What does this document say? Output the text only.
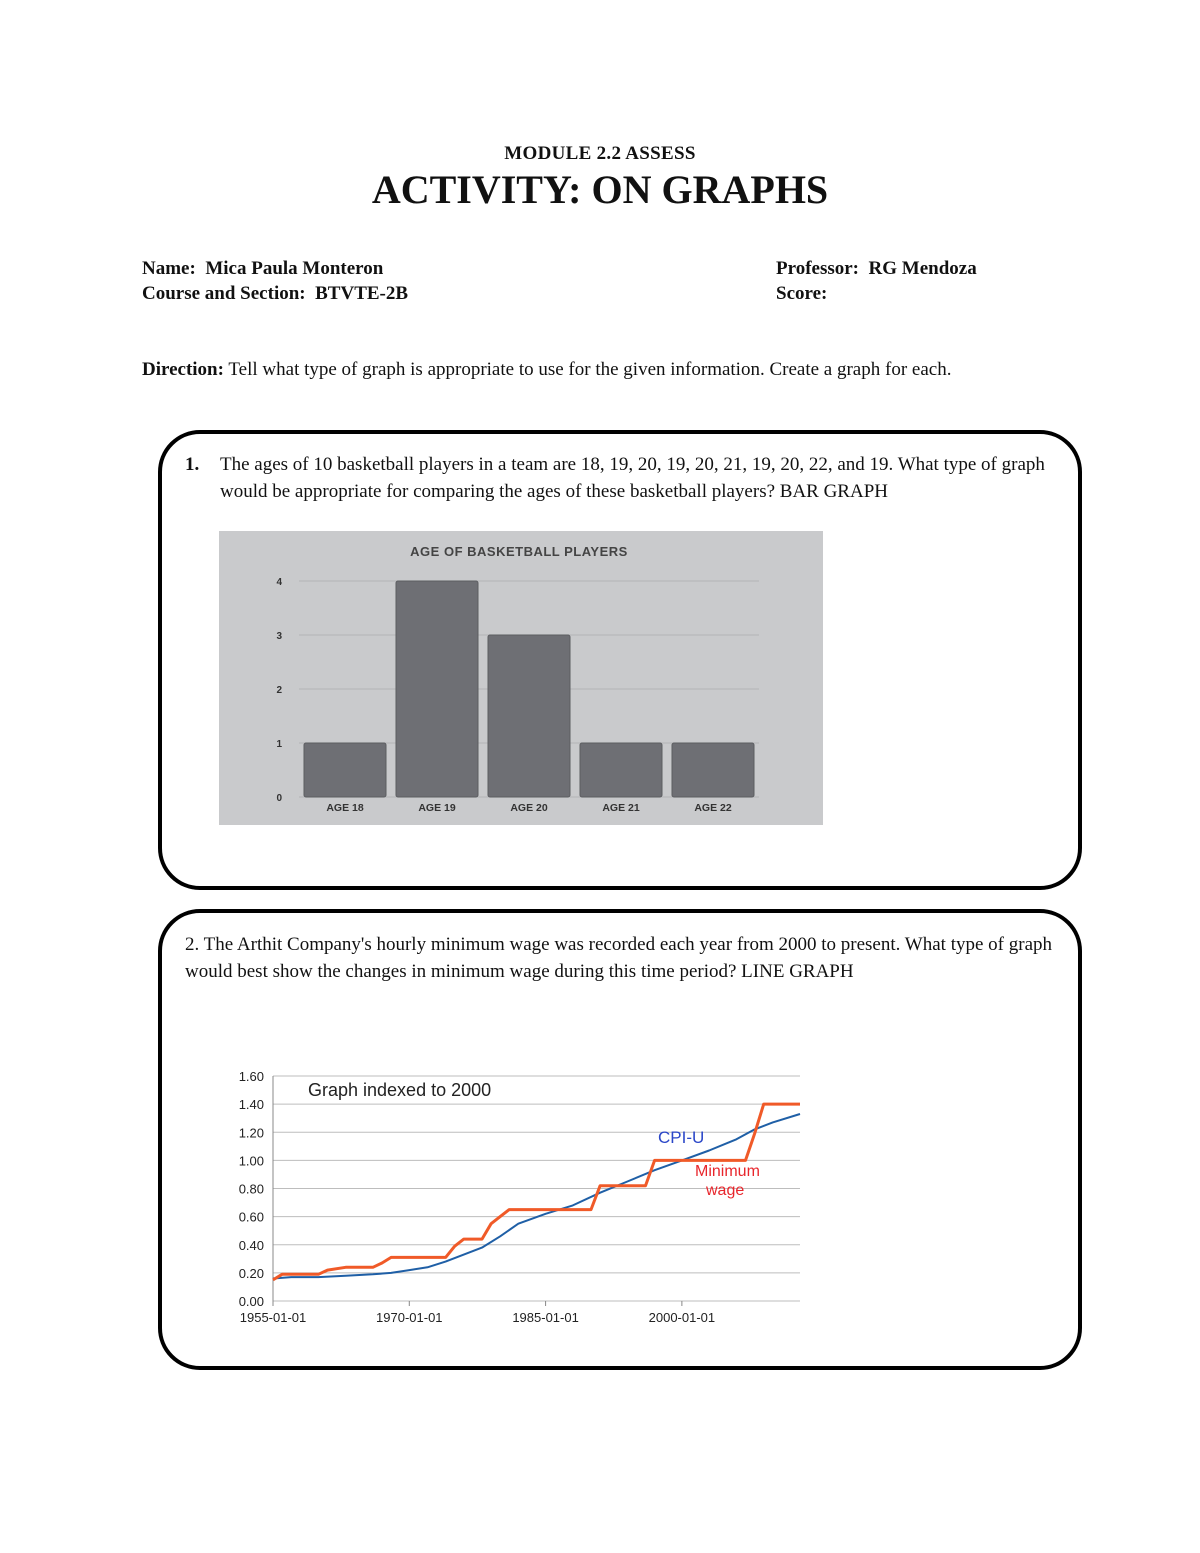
MODULE 2.2 ASSESS
ACTIVITY: ON GRAPHS
Name: Mica Paula Monteron
Course and Section: BTVTE-2B
Professor: RG Mendoza
Score:
Direction: Tell what type of graph is appropriate to use for the given information. Create a graph for each.
1.	The ages of 10 basketball players in a team are 18, 19, 20, 19, 20, 21, 19, 20, 22, and 19. What type of graph would be appropriate for comparing the ages of these basketball players? BAR GRAPH
AGE OF BASKETBALL PLAYERS
0
1
2
3
4
AGE 18	AGE 19	AGE 20	AGE 21	AGE 22
2. The Arthit Company's hourly minimum wage was recorded each year from 2000 to present. What type of graph would best show the changes in minimum wage during this time period? LINE GRAPH
0.00
0.20
0.40
0.60
0.80
1.00
1.20
1.40
1.60
1955-01-01	1970-01-01	1985-01-01	2000-01-01
Graph indexed to 2000
CPI-U
Minimum
wage
